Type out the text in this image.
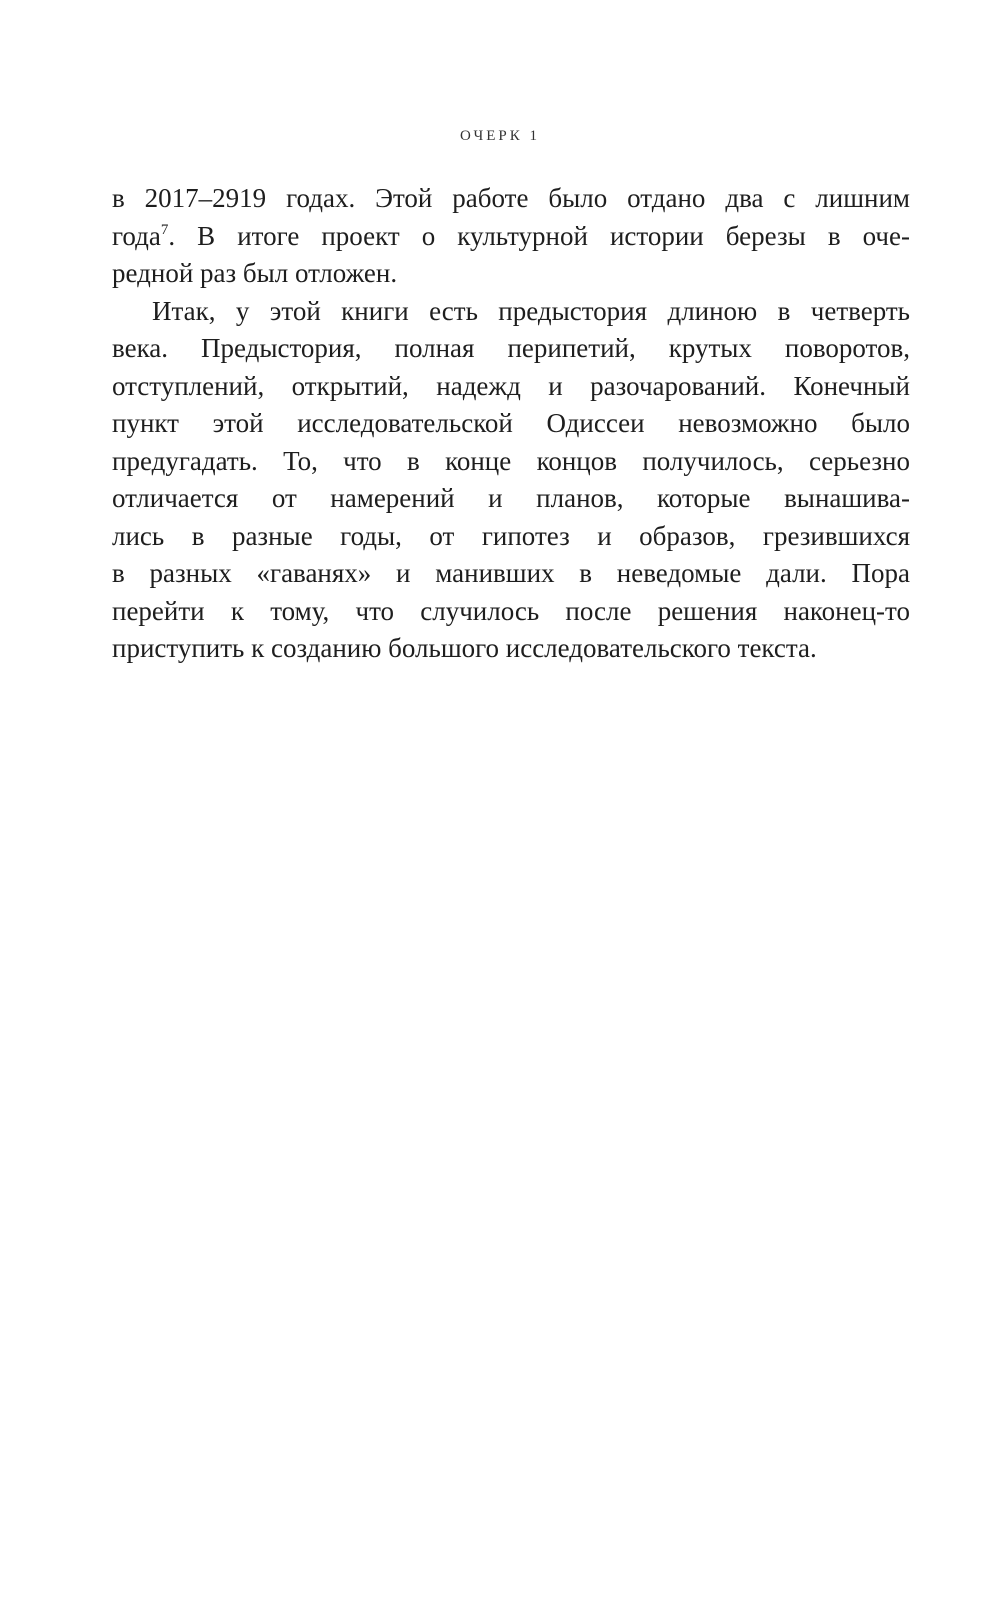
ОЧЕРК 1
в 2017–2919 годах. Этой работе было отдано два с лишним
года$^7$. В итоге проект о культурной истории березы в оче-
редной раз был отложен.
Итак, у этой книги есть предыстория длиною в четверть
века. Предыстория, полная перипетий, крутых поворотов,
отступлений, открытий, надежд и разочарований. Конечный
пункт этой исследовательской Одиссеи невозможно было
предугадать. То, что в конце концов получилось, серьезно
отличается от намерений и планов, которые вынашива-
лись в разные годы, от гипотез и образов, грезившихся
в разных «гаванях» и манивших в неведомые дали. Пора
перейти к тому, что случилось после решения наконец-то
приступить к созданию большого исследовательского текста.
